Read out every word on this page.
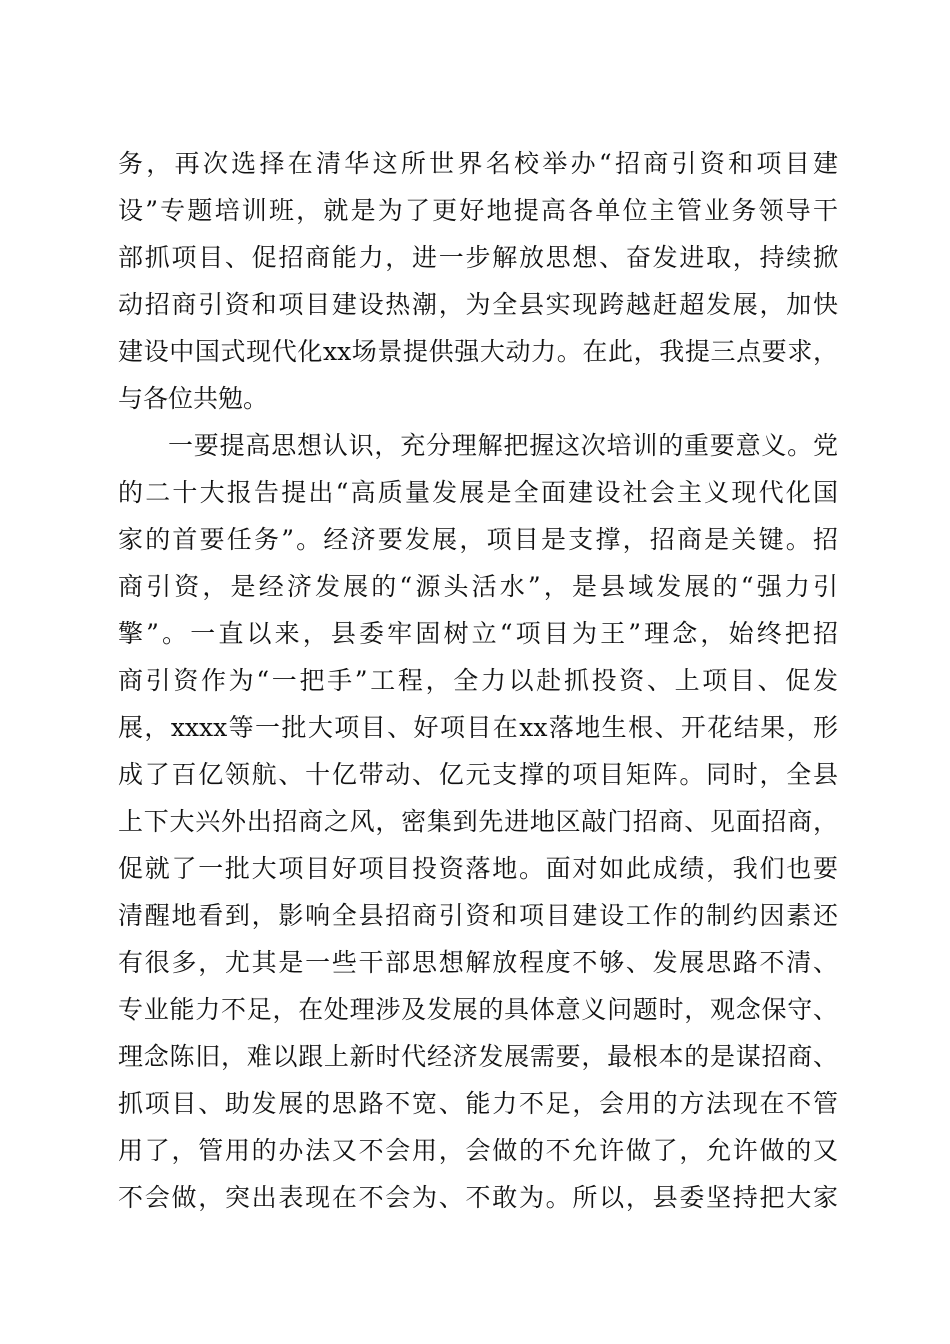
务，再次选择在清华这所世界名校举办“招商引资和项目建
设”专题培训班，就是为了更好地提高各单位主管业务领导干
部抓项目、促招商能力，进一步解放思想、奋发进取，持续掀
动招商引资和项目建设热潮，为全县实现跨越赶超发展，加快
建设中国式现代化xx场景提供强大动力。在此，我提三点要求，
与各位共勉。
一要提高思想认识，充分理解把握这次培训的重要意义。党
的二十大报告提出“高质量发展是全面建设社会主义现代化国
家的首要任务”。经济要发展，项目是支撑，招商是关键。招
商引资，是经济发展的“源头活水”，是县域发展的“强力引
擎”。一直以来，县委牢固树立“项目为王”理念，始终把招
商引资作为“一把手”工程，全力以赴抓投资、上项目、促发
展，xxxx等一批大项目、好项目在xx落地生根、开花结果，形
成了百亿领航、十亿带动、亿元支撑的项目矩阵。同时，全县
上下大兴外出招商之风，密集到先进地区敲门招商、见面招商，
促就了一批大项目好项目投资落地。面对如此成绩，我们也要
清醒地看到，影响全县招商引资和项目建设工作的制约因素还
有很多，尤其是一些干部思想解放程度不够、发展思路不清、
专业能力不足，在处理涉及发展的具体意义问题时，观念保守、
理念陈旧，难以跟上新时代经济发展需要，最根本的是谋招商、
抓项目、助发展的思路不宽、能力不足，会用的方法现在不管
用了，管用的办法又不会用，会做的不允许做了，允许做的又
不会做，突出表现在不会为、不敢为。所以，县委坚持把大家
